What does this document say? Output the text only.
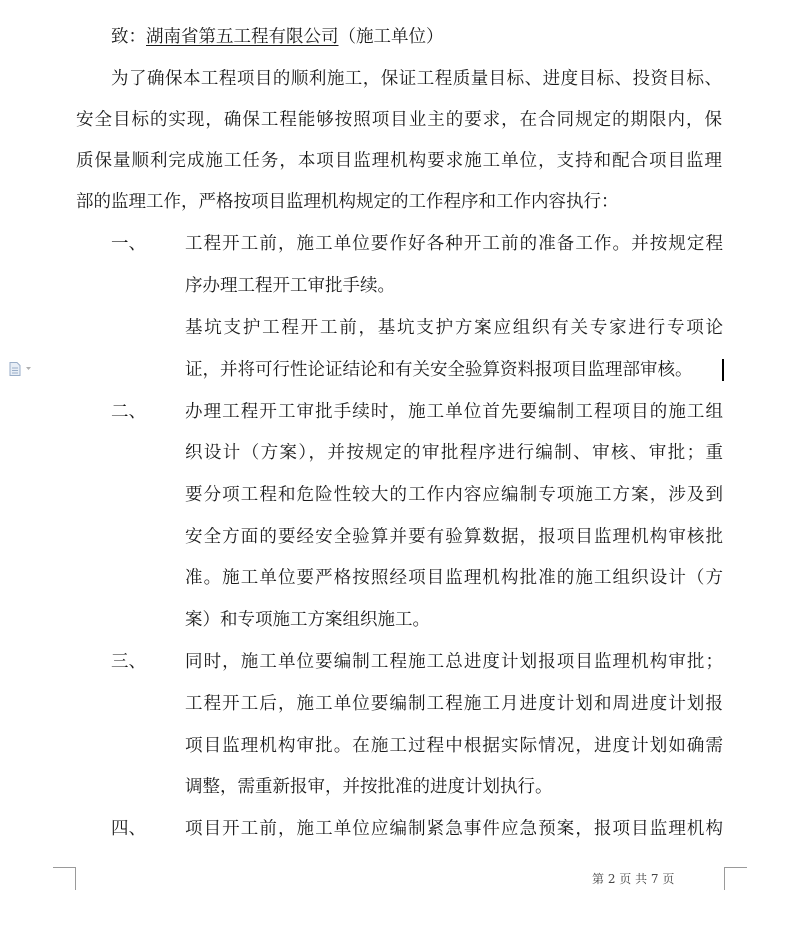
致：湖南省第五工程有限公司（施工单位）
为了确保本工程项目的顺利施工，保证工程质量目标、进度目标、投资目标、
安全目标的实现，确保工程能够按照项目业主的要求，在合同规定的期限内，保
质保量顺利完成施工任务，本项目监理机构要求施工单位，支持和配合项目监理
部的监理工作，严格按项目监理机构规定的工作程序和工作内容执行：
一、 工程开工前，施工单位要作好各种开工前的准备工作。并按规定程
序办理工程开工审批手续。
基坑支护工程开工前，基坑支护方案应组织有关专家进行专项论
证，并将可行性论证结论和有关安全验算资料报项目监理部审核。
二、 办理工程开工审批手续时，施工单位首先要编制工程项目的施工组
织设计（方案），并按规定的审批程序进行编制、审核、审批；重
要分项工程和危险性较大的工作内容应编制专项施工方案，涉及到
安全方面的要经安全验算并要有验算数据，报项目监理机构审核批
准。施工单位要严格按照经项目监理机构批准的施工组织设计（方
案）和专项施工方案组织施工。
三、 同时，施工单位要编制工程施工总进度计划报项目监理机构审批；
工程开工后，施工单位要编制工程施工月进度计划和周进度计划报
项目监理机构审批。在施工过程中根据实际情况，进度计划如确需
调整，需重新报审，并按批准的进度计划执行。
四、 项目开工前，施工单位应编制紧急事件应急预案，报项目监理机构
第 2 页 共 7 页
